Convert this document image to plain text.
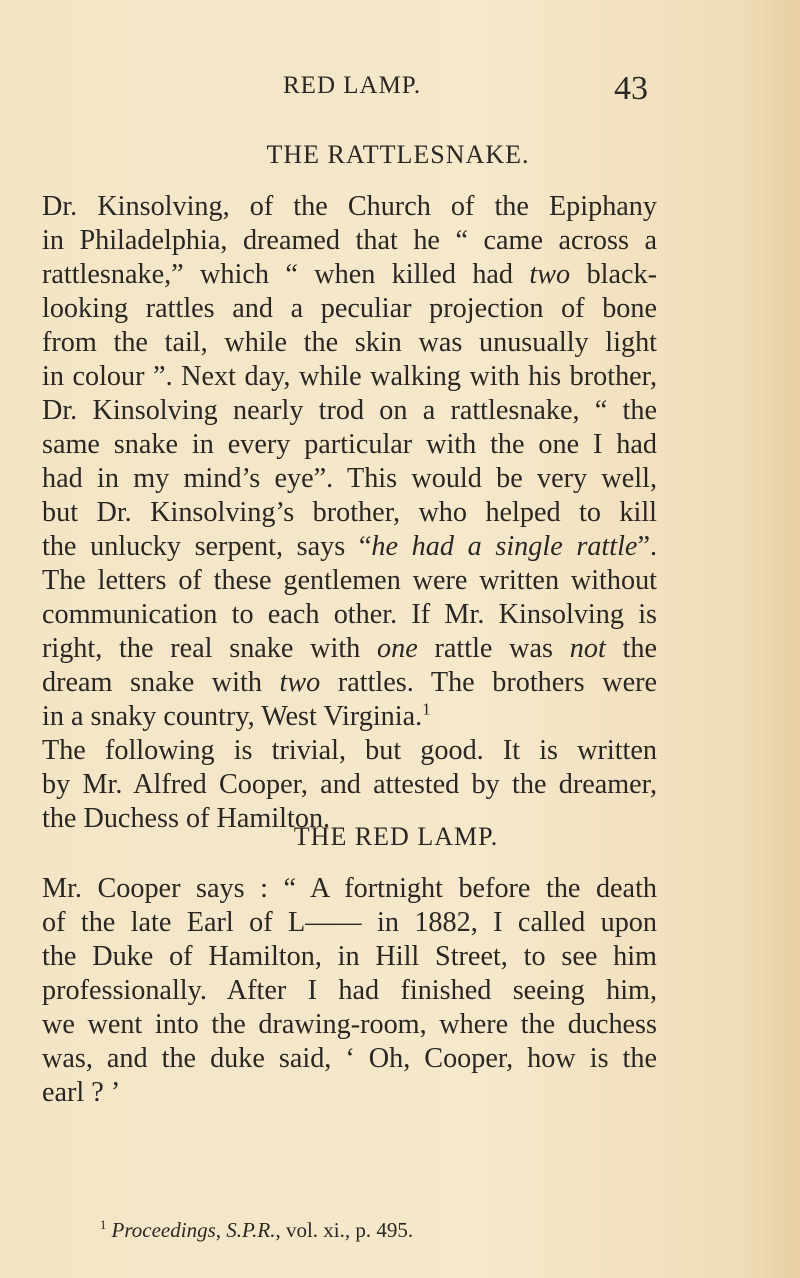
RED LAMP.	43
THE RATTLESNAKE.
Dr. Kinsolving, of the Church of the Epiphany
in Philadelphia, dreamed that he “ came across a
rattlesnake,” which “ when killed had two black-
looking rattles and a peculiar projection of bone
from the tail, while the skin was unusually light
in colour ”. Next day, while walking with his brother,
Dr. Kinsolving nearly trod on a rattlesnake, “ the
same snake in every particular with the one I had
had in my mind’s eye”. This would be very well,
but Dr. Kinsolving’s brother, who helped to kill
the unlucky serpent, says “he had a single rattle”.
The letters of these gentlemen were written without
communication to each other. If Mr. Kinsolving is
right, the real snake with one rattle was not the
dream snake with two rattles. The brothers were
in a snaky country, West Virginia.$^1$
The following is trivial, but good. It is written
by Mr. Alfred Cooper, and attested by the dreamer,
the Duchess of Hamilton.
THE RED LAMP.
Mr. Cooper says : “ A fortnight before the death
of the late Earl of L—— in 1882, I called upon
the Duke of Hamilton, in Hill Street, to see him
professionally. After I had finished seeing him,
we went into the drawing-room, where the duchess
was, and the duke said, ‘ Oh, Cooper, how is the
earl ? ’
$^1$ Proceedings, S.P.R., vol. xi., p. 495.
